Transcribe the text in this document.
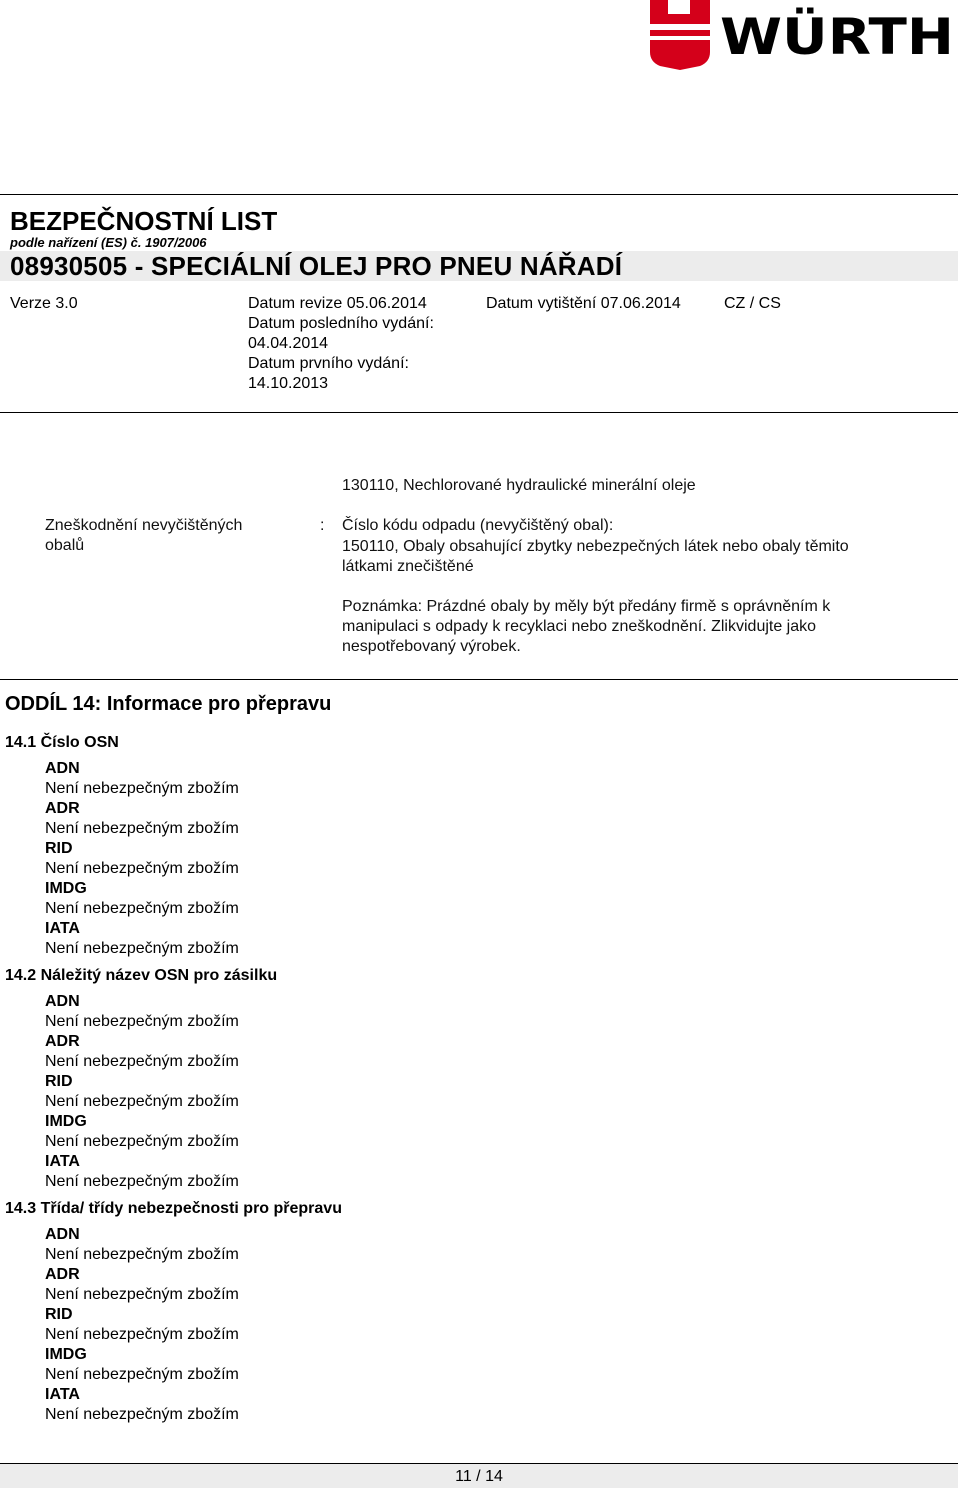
WÜRTH
BEZPEČNOSTNÍ LIST
podle nařízení (ES) č. 1907/2006
08930505 - SPECIÁLNÍ OLEJ PRO PNEU NÁŘADÍ
Verze 3.0	Datum revize 05.06.2014
Datum posledního vydání:
04.04.2014
Datum prvního vydání:
14.10.2013
Datum vytištění 07.06.2014	CZ / CS
130110, Nechlorované hydraulické minerální oleje
Zneškodnění nevyčištěných obalů
: Číslo kódu odpadu (nevyčištěný obal):
150110, Obaly obsahující zbytky nebezpečných látek nebo obaly těmito látkami znečištěné
Poznámka: Prázdné obaly by měly být předány firmě s oprávněním k manipulaci s odpady k recyklaci nebo zneškodnění. Zlikvidujte jako nespotřebovaný výrobek.
ODDÍL 14: Informace pro přepravu
14.1 Číslo OSN
ADN
Není nebezpečným zbožím
ADR
Není nebezpečným zbožím
RID
Není nebezpečným zbožím
IMDG
Není nebezpečným zbožím
IATA
Není nebezpečným zbožím
14.2 Náležitý název OSN pro zásilku
ADN
Není nebezpečným zbožím
ADR
Není nebezpečným zbožím
RID
Není nebezpečným zbožím
IMDG
Není nebezpečným zbožím
IATA
Není nebezpečným zbožím
14.3 Třída/ třídy nebezpečnosti pro přepravu
ADN
Není nebezpečným zbožím
ADR
Není nebezpečným zbožím
RID
Není nebezpečným zbožím
IMDG
Není nebezpečným zbožím
IATA
Není nebezpečným zbožím
11 / 14
